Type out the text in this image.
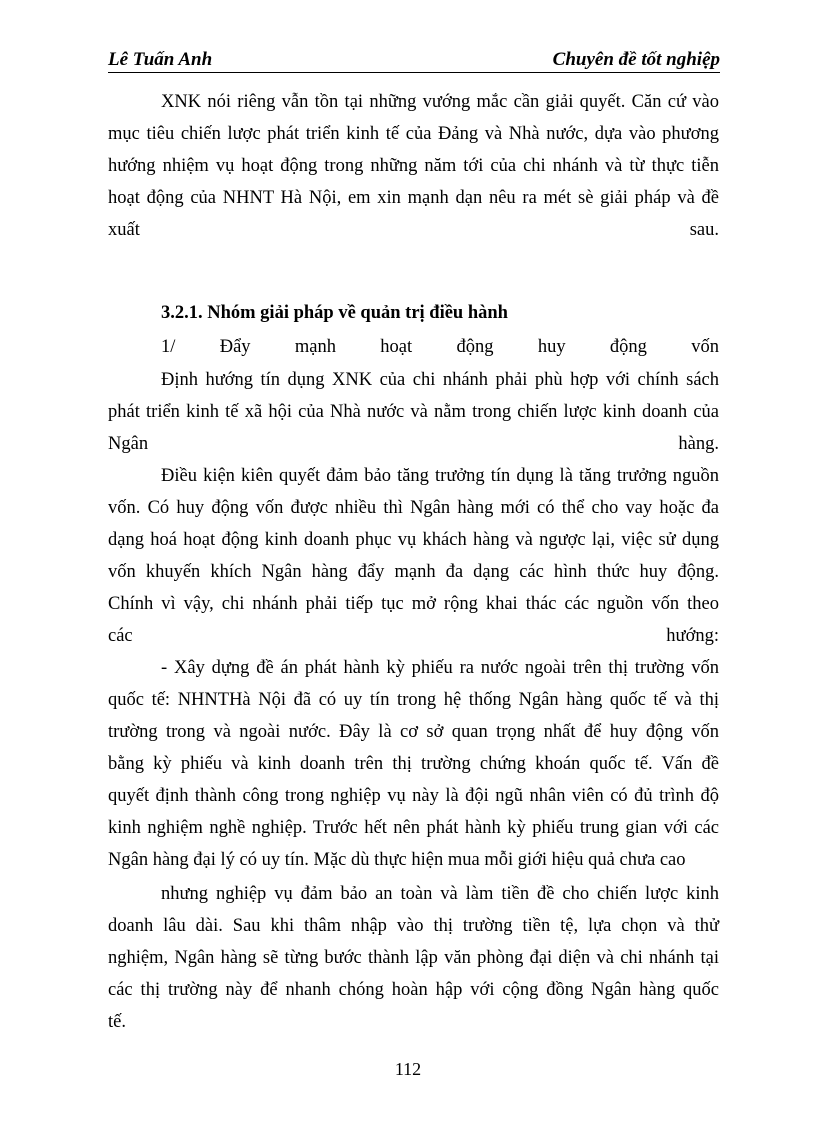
Lê Tuấn Anh	Chuyên đề tốt nghiệp
XNK nói riêng vẫn tồn tại những vướng mắc cần giải quyết. Căn cứ vào
mục tiêu chiến lược phát triển kinh tế của Đảng và Nhà nước, dựa vào phương
hướng nhiệm vụ hoạt động trong những năm tới của chi nhánh và từ thực tiễn
hoạt động của NHNT Hà Nội, em xin mạnh dạn nêu ra mét sè giải pháp và đề
xuất sau.
3.2.1. Nhóm giải pháp về quản trị điều hành
1/ Đẩy mạnh hoạt động huy động vốn
Định hướng tín dụng XNK của chi nhánh phải phù hợp với chính sách
phát triển kinh tế xã hội của Nhà nước và nằm trong chiến lược kinh doanh của
Ngân hàng.
Điều kiện kiên quyết đảm bảo tăng trưởng tín dụng là tăng trưởng nguồn
vốn. Có huy động vốn được nhiều thì Ngân hàng mới có thể cho vay hoặc đa
dạng hoá hoạt động kinh doanh phục vụ khách hàng và ngược lại, việc sử dụng
vốn khuyến khích Ngân hàng đẩy mạnh đa dạng các hình thức huy động.
Chính vì vậy, chi nhánh phải tiếp tục mở rộng khai thác các nguồn vốn theo
các hướng:
- Xây dựng đề án phát hành kỳ phiếu ra nước ngoài trên thị trường vốn
quốc tế: NHNTHà Nội đã có uy tín trong hệ thống Ngân hàng quốc tế và thị
trường trong và ngoài nước. Đây là cơ sở quan trọng nhất để huy động vốn
bằng kỳ phiếu và kinh doanh trên thị trường chứng khoán quốc tế. Vấn đề
quyết định thành công trong nghiệp vụ này là đội ngũ nhân viên có đủ trình độ
kinh nghiệm nghề nghiệp. Trước hết nên phát hành kỳ phiếu trung gian với các
Ngân hàng đại lý có uy tín. Mặc dù thực hiện mua mỗi giới hiệu quả chưa cao
nhưng nghiệp vụ đảm bảo an toàn và làm tiền đề cho chiến lược kinh
doanh lâu dài. Sau khi thâm nhập vào thị trường tiền tệ, lựa chọn và thử
nghiệm, Ngân hàng sẽ từng bước thành lập văn phòng đại diện và chi nhánh tại
các thị trường này để nhanh chóng hoàn hập với cộng đồng Ngân hàng quốc
tế.
112
